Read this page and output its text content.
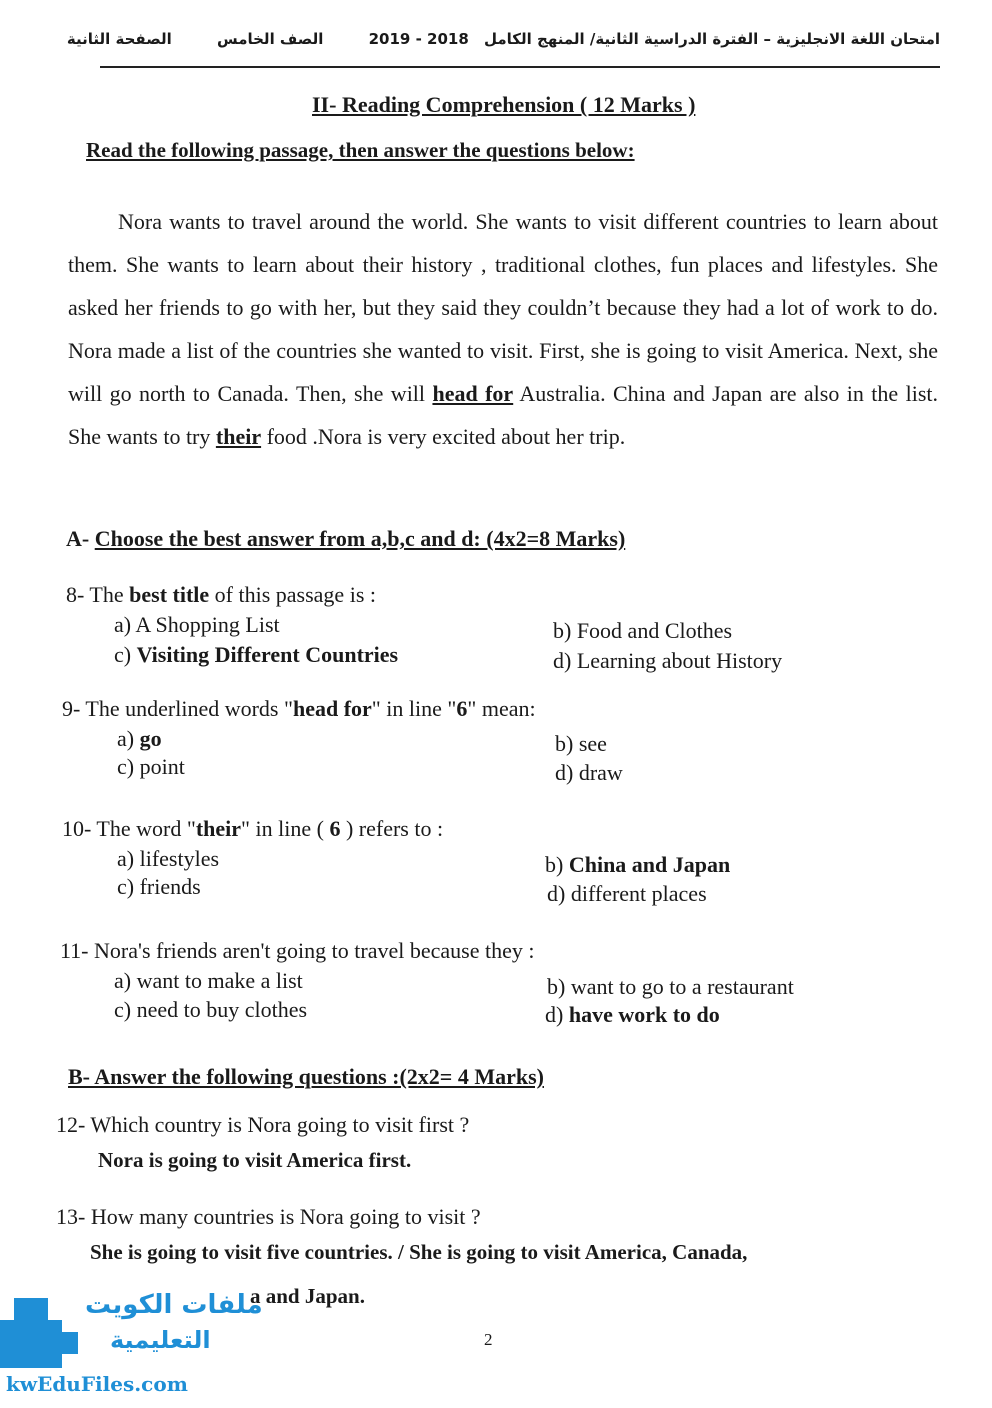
امتحان اللغة الانجليزية – الفترة الدراسية الثانية/ المنهج الكامل 2018 - 2019 الصف الخامس الصفحة الثانية
II- Reading Comprehension ( 12 Marks )
Read the following passage, then answer the questions below:

Nora wants to travel around the world. She wants to visit different countries to learn about them. She wants to learn about their history , traditional clothes, fun places and lifestyles. She asked her friends to go with her, but they said they couldn’t because they had a lot of work to do. Nora made a list of the countries she wanted to visit. First, she is going to visit America. Next, she will go north to Canada. Then, she will head for Australia. China and Japan are also in the list. She wants to try their food .Nora is very excited about her trip.

A- Choose the best answer from a,b,c and d: (4x2=8 Marks)
8- The best title of this passage is :
a) A Shopping List	b) Food and Clothes
c) Visiting Different Countries	d) Learning about History
9- The underlined words "head for" in line "6" mean:
a) go	b) see
c) point	d) draw
10- The word "their" in line ( 6 ) refers to :
a) lifestyles	b) China and Japan
c) friends	d) different places
11- Nora's friends aren't going to travel because they :
a) want to make a list	b) want to go to a restaurant
c) need to buy clothes	d) have work to do
B- Answer the following questions :(2x2= 4 Marks)
12- Which country is Nora going to visit first ?
Nora is going to visit America first.
13- How many countries is Nora going to visit ?
She is going to visit five countries. / She is going to visit America, Canada,
a and Japan.
2
ملفات الكويت
التعليمية
kwEduFiles.com
